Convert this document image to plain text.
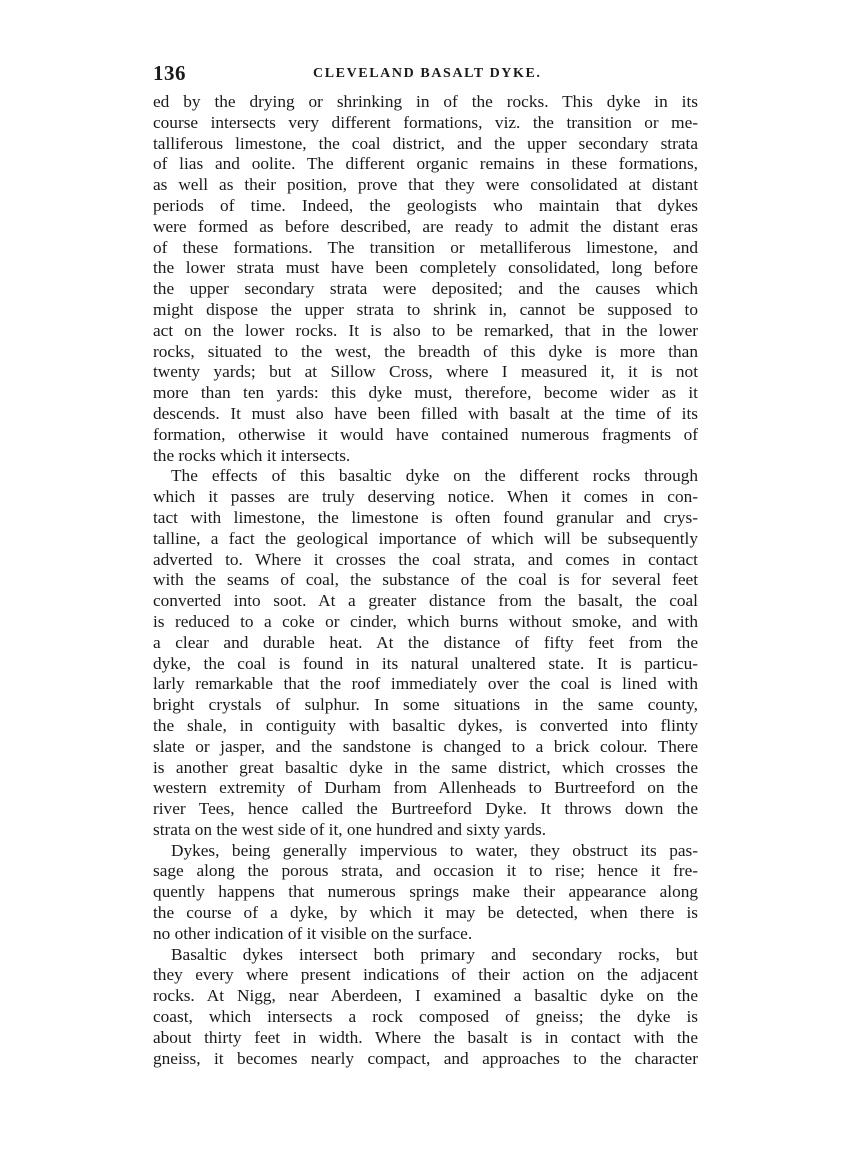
136	CLEVELAND BASALT DYKE.
ed by the drying or shrinking in of the rocks. This dyke in its
course intersects very different formations, viz. the transition or me-
talliferous limestone, the coal district, and the upper secondary strata
of lias and oolite. The different organic remains in these formations,
as well as their position, prove that they were consolidated at distant
periods of time. Indeed, the geologists who maintain that dykes
were formed as before described, are ready to admit the distant eras
of these formations. The transition or metalliferous limestone, and
the lower strata must have been completely consolidated, long before
the upper secondary strata were deposited; and the causes which
might dispose the upper strata to shrink in, cannot be supposed to
act on the lower rocks. It is also to be remarked, that in the lower
rocks, situated to the west, the breadth of this dyke is more than
twenty yards; but at Sillow Cross, where I measured it, it is not
more than ten yards: this dyke must, therefore, become wider as it
descends. It must also have been filled with basalt at the time of its
formation, otherwise it would have contained numerous fragments of
the rocks which it intersects.
The effects of this basaltic dyke on the different rocks through
which it passes are truly deserving notice. When it comes in con-
tact with limestone, the limestone is often found granular and crys-
talline, a fact the geological importance of which will be subsequently
adverted to. Where it crosses the coal strata, and comes in contact
with the seams of coal, the substance of the coal is for several feet
converted into soot. At a greater distance from the basalt, the coal
is reduced to a coke or cinder, which burns without smoke, and with
a clear and durable heat. At the distance of fifty feet from the
dyke, the coal is found in its natural unaltered state. It is particu-
larly remarkable that the roof immediately over the coal is lined with
bright crystals of sulphur. In some situations in the same county,
the shale, in contiguity with basaltic dykes, is converted into flinty
slate or jasper, and the sandstone is changed to a brick colour. There
is another great basaltic dyke in the same district, which crosses the
western extremity of Durham from Allenheads to Burtreeford on the
river Tees, hence called the Burtreeford Dyke. It throws down the
strata on the west side of it, one hundred and sixty yards.
Dykes, being generally impervious to water, they obstruct its pas-
sage along the porous strata, and occasion it to rise; hence it fre-
quently happens that numerous springs make their appearance along
the course of a dyke, by which it may be detected, when there is
no other indication of it visible on the surface.
Basaltic dykes intersect both primary and secondary rocks, but
they every where present indications of their action on the adjacent
rocks. At Nigg, near Aberdeen, I examined a basaltic dyke on the
coast, which intersects a rock composed of gneiss; the dyke is
about thirty feet in width. Where the basalt is in contact with the
gneiss, it becomes nearly compact, and approaches to the character
